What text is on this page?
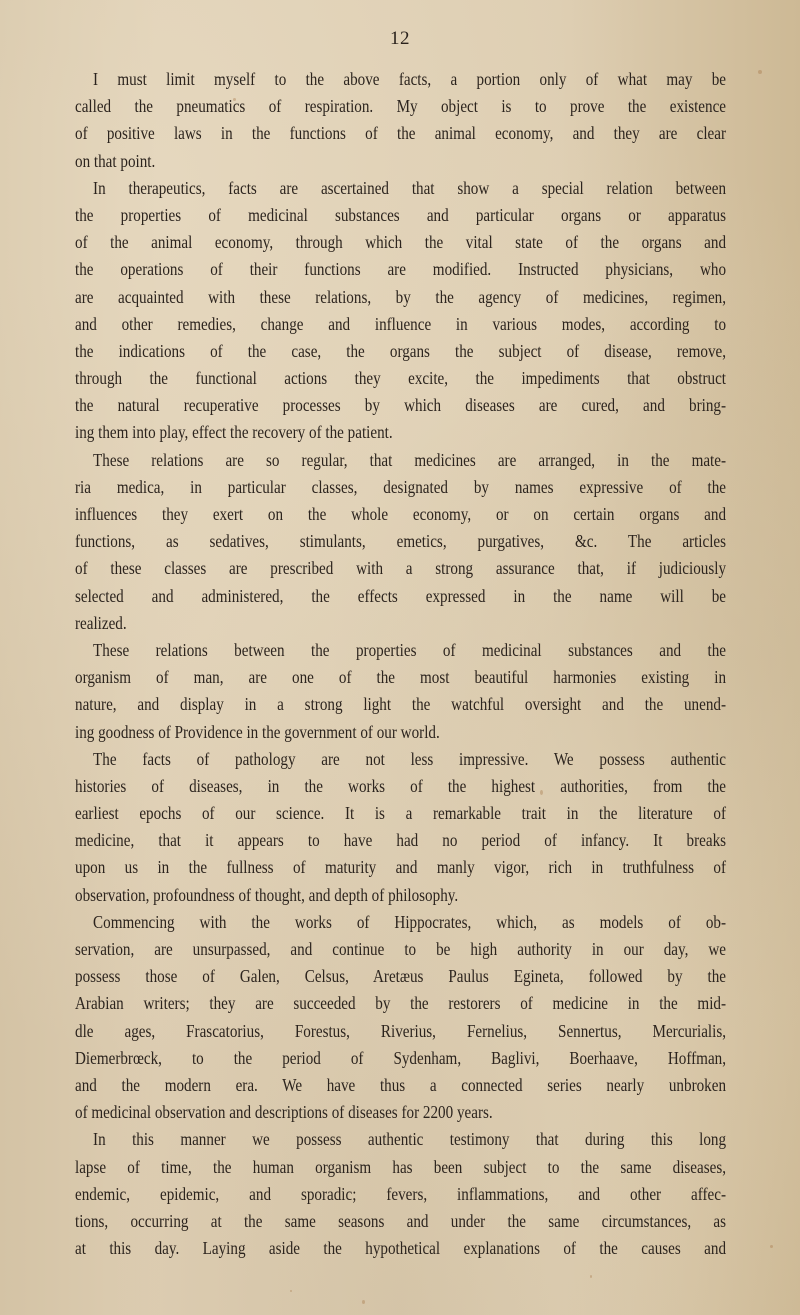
12
I must limit myself to the above facts, a portion only of what may be
called the pneumatics of respiration. My object is to prove the existence
of positive laws in the functions of the animal economy, and they are clear
on that point.
In therapeutics, facts are ascertained that show a special relation between
the properties of medicinal substances and particular organs or apparatus
of the animal economy, through which the vital state of the organs and
the operations of their functions are modified. Instructed physicians, who
are acquainted with these relations, by the agency of medicines, regimen,
and other remedies, change and influence in various modes, according to
the indications of the case, the organs the subject of disease, remove,
through the functional actions they excite, the impediments that obstruct
the natural recuperative processes by which diseases are cured, and bring-
ing them into play, effect the recovery of the patient.
These relations are so regular, that medicines are arranged, in the mate-
ria medica, in particular classes, designated by names expressive of the
influences they exert on the whole economy, or on certain organs and
functions, as sedatives, stimulants, emetics, purgatives, &c. The articles
of these classes are prescribed with a strong assurance that, if judiciously
selected and administered, the effects expressed in the name will be
realized.
These relations between the properties of medicinal substances and the
organism of man, are one of the most beautiful harmonies existing in
nature, and display in a strong light the watchful oversight and the unend-
ing goodness of Providence in the government of our world.
The facts of pathology are not less impressive. We possess authentic
histories of diseases, in the works of the highest authorities, from the
earliest epochs of our science. It is a remarkable trait in the literature of
medicine, that it appears to have had no period of infancy. It breaks
upon us in the fullness of maturity and manly vigor, rich in truthfulness of
observation, profoundness of thought, and depth of philosophy.
Commencing with the works of Hippocrates, which, as models of ob-
servation, are unsurpassed, and continue to be high authority in our day, we
possess those of Galen, Celsus, Aretæus Paulus Egineta, followed by the
Arabian writers; they are succeeded by the restorers of medicine in the mid-
dle ages, Frascatorius, Forestus, Riverius, Fernelius, Sennertus, Mercurialis,
Diemerbrœck, to the period of Sydenham, Baglivi, Boerhaave, Hoffman,
and the modern era. We have thus a connected series nearly unbroken
of medicinal observation and descriptions of diseases for 2200 years.
In this manner we possess authentic testimony that during this long
lapse of time, the human organism has been subject to the same diseases,
endemic, epidemic, and sporadic; fevers, inflammations, and other affec-
tions, occurring at the same seasons and under the same circumstances, as
at this day. Laying aside the hypothetical explanations of the causes and
